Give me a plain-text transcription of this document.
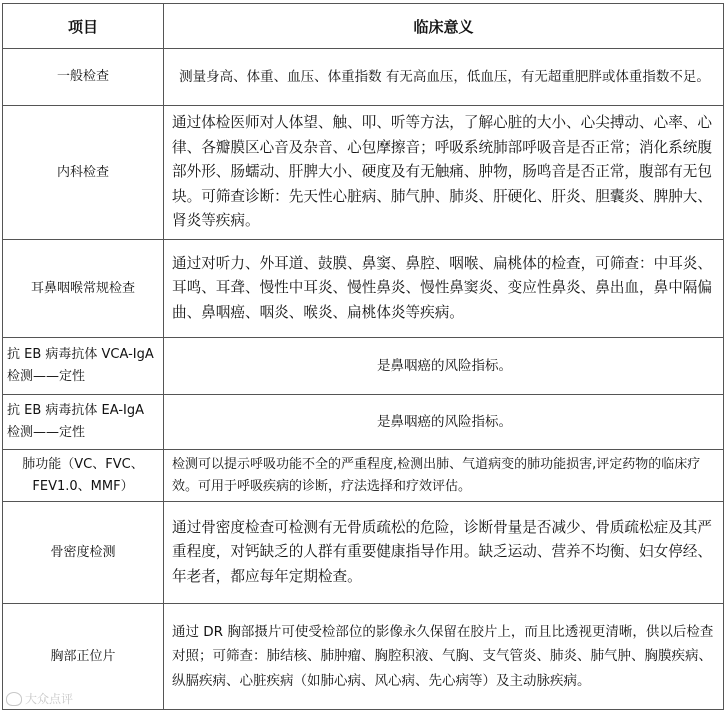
项目	临床意义
一般检查	测量身高、体重、血压、体重指数 有无高血压，低血压，有无超重肥胖或体重指数不足。
内科检查	通过体检医师对人体望、触、叩、听等方法，了解心脏的大小、心尖搏动、心率、心律、各瓣膜区心音及杂音、心包摩擦音；呼吸系统肺部呼吸音是否正常；消化系统腹部外形、肠蠕动、肝脾大小、硬度及有无触痛、肿物，肠鸣音是否正常，腹部有无包块。可筛查诊断：先天性心脏病、肺气肿、肺炎、肝硬化、肝炎、胆囊炎、脾肿大、肾炎等疾病。
耳鼻咽喉常规检查	通过对听力、外耳道、鼓膜、鼻窦、鼻腔、咽喉、扁桃体的检查，可筛查：中耳炎、耳鸣、耳聋、慢性中耳炎、慢性鼻炎、慢性鼻窦炎、变应性鼻炎、鼻出血，鼻中隔偏曲、鼻咽癌、咽炎、喉炎、扁桃体炎等疾病。
抗 EB 病毒抗体 VCA-IgA 检测——定性	是鼻咽癌的风险指标。
抗 EB 病毒抗体 EA-IgA 检测——定性	是鼻咽癌的风险指标。
肺功能（VC、FVC、FEV1.0、MMF）	检测可以提示呼吸功能不全的严重程度,检测出肺、气道病变的肺功能损害,评定药物的临床疗效。可用于呼吸疾病的诊断，疗法选择和疗效评估。
骨密度检测	通过骨密度检查可检测有无骨质疏松的危险，诊断骨量是否减少、骨质疏松症及其严重程度，对钙缺乏的人群有重要健康指导作用。缺乏运动、营养不均衡、妇女停经、年老者，都应每年定期检查。
胸部正位片	通过 DR 胸部摄片可使受检部位的影像永久保留在胶片上，而且比透视更清晰，供以后检查对照；可筛查：肺结核、肺肿瘤、胸腔积液、气胸、支气管炎、肺炎、肺气肿、胸膜疾病、纵膈疾病、心脏疾病（如肺心病、风心病、先心病等）及主动脉疾病。
大众点评
